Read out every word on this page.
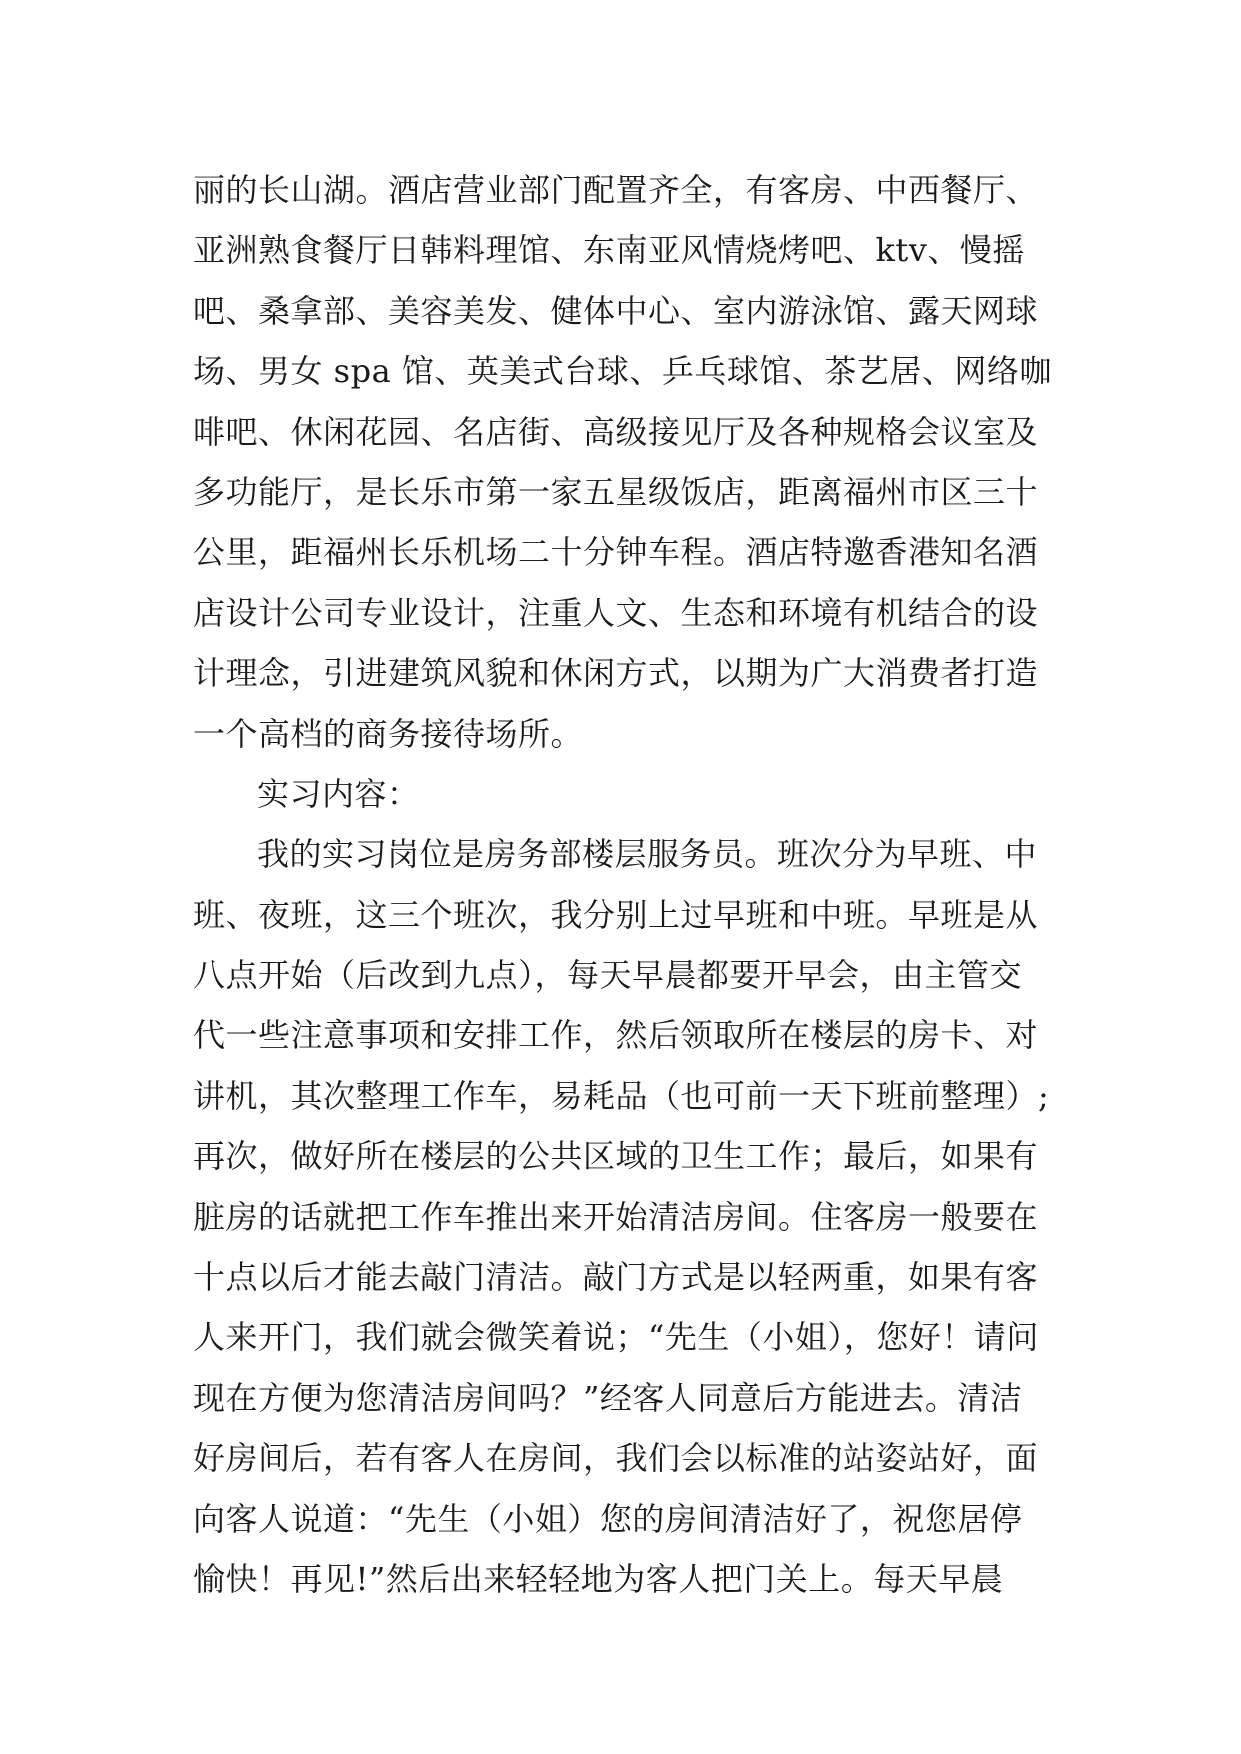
丽的长山湖。酒店营业部门配置齐全，有客房、中西餐厅、
亚洲熟食餐厅日韩料理馆、东南亚风情烧烤吧、ktv、慢摇
吧、桑拿部、美容美发、健体中心、室内游泳馆、露天网球
场、男女 spa 馆、英美式台球、乒乓球馆、茶艺居、网络咖
啡吧、休闲花园、名店街、高级接见厅及各种规格会议室及
多功能厅，是长乐市第一家五星级饭店，距离福州市区三十
公里，距福州长乐机场二十分钟车程。酒店特邀香港知名酒
店设计公司专业设计，注重人文、生态和环境有机结合的设
计理念，引进建筑风貌和休闲方式，以期为广大消费者打造
一个高档的商务接待场所。
实习内容：
我的实习岗位是房务部楼层服务员。班次分为早班、中
班、夜班，这三个班次，我分别上过早班和中班。早班是从
八点开始（后改到九点），每天早晨都要开早会，由主管交
代一些注意事项和安排工作，然后领取所在楼层的房卡、对
讲机，其次整理工作车，易耗品（也可前一天下班前整理）;
再次，做好所在楼层的公共区域的卫生工作；最后，如果有
脏房的话就把工作车推出来开始清洁房间。住客房一般要在
十点以后才能去敲门清洁。敲门方式是以轻两重，如果有客
人来开门，我们就会微笑着说；“先生（小姐），您好！请问
现在方便为您清洁房间吗？”经客人同意后方能进去。清洁
好房间后，若有客人在房间，我们会以标准的站姿站好，面
向客人说道：“先生（小姐）您的房间清洁好了，祝您居停
愉快！再见!”然后出来轻轻地为客人把门关上。每天早晨
